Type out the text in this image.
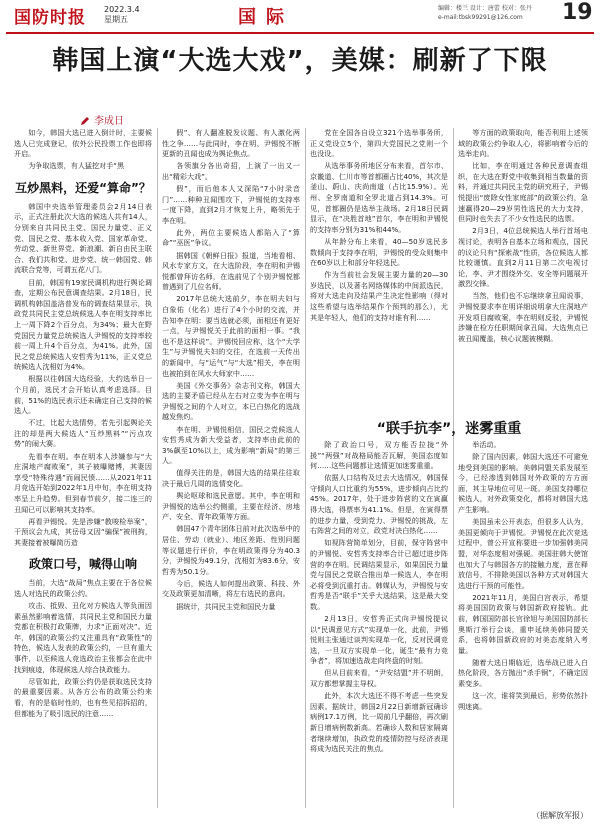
国防时报 2022.3.4
星期五	国际	编辑：楼兰 设计：唐蕾 校对：张丹
e-mail:tbsk99291@126.com	19
韩国上演“大选大戏”，美媒：刷新了下限
李成日

如今，韩国大选已进入倒计时，主要候选人已完成登记，依外公民投票工作也即将开启。

为争取选票，有人猛挖对手“黑

互炒黑料，还爱“算命”？

韩国中央选举管理委员会2月14日表示，正式注册此次大选的候选人共有14人，分别来自共同民主党、国民力量党、正义党、国民之党、基本收入党、国家革命党、劳动党、新世界党、新浪潮、新自由民主联合、我们共和党、进步党、统一韩国党、韩流联合党等，可谓五花八门。

目前，韩国有19家民调机构进行舆论调查，定期公布民意调查结果。2月18日，民调机构韩国盖洛普发布的调查结果显示，执政党共同民主党总统候选人李在明支持率比上一周下降2个百分点，为34%；最大在野党国民力量党总统候选人尹锡悦的支持率较前一周上升4个百分点，为41%。此外，国民之党总统候选人安哲秀为11%，正义党总统候选人沈相奵为4%。

根据以往韩国大选经验，大约选举日一个月前，选民才会开始认真考虑选择。目前，51%的选民表示还未确定自己支持的候选人。

不过，比起大选情势，若先引起舆论关注的却是两大候选人“互炒黑料”“污点攻势”的闹大赛。

先看李在明。李在明本人涉嫌参与“大庄洞地产腐败案”，其子被曝赌博，其妻因享受“特殊待遇”而闹民愤……从2021年11月竞选开始到2022年1月中旬，李在明支持率呈上升趋势。但到春节前夕，接二连三的丑闻已可以影响其支持率。

再看尹锡悦。先是涉嫌“教唆检举案”，干预议会九成，其岳母又因“骗保”被刑拘，其妻接着被曝简历造

政策口号，喊得山响

当前，大选“战局”焦点主要在于各位候选人对选民的政策公约。

攻击、抵毁、丑化对方候选人等负面因素虽然影响着选情，共同民主党和国民力量党都在积极打政策牌，力求“正面对决”。近年，韩国的政策公约又注重具有“政策性”的特色，候选人发表的政策公约，一旦有重大事件，以至候选人竞选政治主张都会在此中找到痕迹，体现候选人综合执政能力。

尽管如此，政策公约仍是获取选民支持的最重要因素。从各方公布的政策公约来看，有的是临时性的，也有些见招拆招的，但都能为了吸引选民的注意……

假”、有人翻准脱发议题、有人激化两性之争……与此同时，李在明、尹锡悦不断更新的丑闻也成为舆论焦点。

各领旗分各出奇招，上演了一出又一出“精彩大戏”。

假”，而后他本人又深陷“7小时录音门”……种种丑闻围攻下，尹锡悦的支持率一度下降，直到2月才恢复上升，略领先于李在明。

此外，两位主要候选人都陷入了“算命”“巫医”争议。

据韩国《朝鲜日报》报道，当地看相、风水专家方文，在大选阶段，李在明和尹锡悦都曾拜访名师，在选前见了个别尹锡悦都曾遇到了几位名师。

2017年总统大选前夕，李在明夫妇与白象佑（化名）进行了4个小时的交流，并告知李在明：要当选就必须，面相还有更好一点，与尹锡悦关于此前的面相一事。“我也不是这样说”。尹锡悦回应称，这个“大学生”与尹锡悦夫妇的交往，在选前一天传出的新闻中，与“运气”与“大选”相关，李在明也被拍到在风水大师家中……

美国《外交事务》杂志刊文称，韩国大选的主要矛盾已经从左右对立变为李在明与尹锡悦之间的个人对立，本已白热化的选战越发焦灼。

李在明、尹锡悦相信，国民之党候选人安哲秀成为新大受益者，支持率由此前的3%飙至10%以上，成为影响“新局”的第三人。

值得关注的是，韩国大选的结果往往取决于最后几周的选情变化。

舆论呕球和选民意愿。其中，李在明和尹锡悦的选举公约侧重，主要在经济、房地产、安全、青年政策等方面。

韩国47个青年团体日前对此次选举中的居住、劳动（就业）、地区差距、性别问题等议题进行评价，李在明政策得分为40.3分，尹锡悦为49.1分，沈相奵为83.6分，安哲秀为50.1分。

今后，候选人如何提出政策、科技、外交及政策更加清晰，将左右选民的意向。

据统计，共同民主党和国民力量

党在全国各自设立321个选举事务所，正义党设立5个，第四大党国民之党则一个也没设。

从选举事务所地区分布来看，首尔市、京畿道、仁川市等首都圈占比40%，其次是釜山、蔚山、庆尚南道（占比15.9%）。光州、全罗南道和全罗北道占到14.3%。可见，首都圈仍是选举主战场。2月18日民调显示，在“决胜首地”首尔，李在明和尹锡悦的支持率分别为31%和44%。

从年龄分布上来看，40—50岁选民多数倾向于支持李在明，尹锡悦的受众则集中在60岁以上和部分年轻选民。

作为当前社会发展主要力量的20—30岁选民，以及著名网络媒体的中间派选民，将对大选走向及结果产生决定性影响（得对这些希望与选举结果作个预判的那么），尤其是年轻人，他们的支持对谁有利……

等方面的政策取向，能否利用上述领域的政策公约争取人心，将影响着今后的选举走向。

比如，李在明通过各种民意调查组织，在大选在野党中收集到相当数量的资料，并通过共同民主党的研究班子，尹锡悦提出“废除女性家庭部”的政策公约，急速赢得20—29岁男性选民的大力支持，但同时也失去了不少女性选民的选票。

2月3日，4位总统候选人举行首场电视讨论，表明各自基本立场和观点，国民的议论只有“探索战”性质，各位候选人都比较谨慎。直到2月11日第二次电视讨论，李、尹才围绕外交、安全等问题展开激烈交锋。

当然，他们也不忘继续拿丑闻说事，尹锡悦要求李在明详细说明拿大庄洞地产开发项目腐败案，李在明则反驳，尹锡悦涉嫌在检方任职期间拿丑闻。大选焦点已被丑闻覆盖，核心议题被模糊。

“联手抗李”，迷雾重重

除了政治口号，双方能否拉拢“外援”“两强”对战格局能否瓦解，美国态度如何……这些问题都让选情更加迷雾重重。

依据人口结构及过去大选情况，韩国保守倾向人口比重约为55%，进步倾向占比约45%。2017年，处于进步阵营的文在寅赢得大选，得票率为41.1%。但是，在寅得票的进步力量，受到党力、尹锡悦的挑战，左右阵营之间的对立，政党对决白热化……

如视阵营简单划分，目前，保守阵营中的尹锡悦、安哲秀支持率合计已超过进步阵营的李在明。民调结果显示，如果国民力量党与国民之党联合推出单一候选人，李在明必将受到沉重打击。韩媒认为，尹锡悦与安哲秀是否“联手”关乎大选结果，这是最大变数。

2月13日，安哲秀正式向尹锡悦提议以“民调意见方式”实现单一化，此前，尹锡悦则主张通过谈判实现单一化，反对民调竞选，一旦双方实现单一化，诞生“最有力竞争者”，将加速选战走向终盘的时刻。

但从目前来看，“尹安结盟”并不明朗，双方都想掌握主导权。

此外，本次大选还不得不考虑一些突发因素。据统计，韩国2月22日新增新冠确诊病例17.1万例，比一周前几乎翻倍，再次刷新日增病例数新高。若确诊人数和居家隔离者继续增加，执政党的疫情防控与经济表现将成为选民关注的焦点。

举活动。

除了国内因素，韩国大选还不可避免地受到美国的影响。美韩同盟关系发展至今，已经渗透到韩国对外政策的方方面面，其主导地位可见一斑。美国支持哪位候选人，对外政策变化，都将对韩国大选产生影响。

美国虽未公开表态，但很多人认为，美国更倾向于尹锡悦。尹锡悦在此次竞选过程中，曾公开宣称要进一步加强韩美同盟，对华态度相对强硬。美国驻韩大使馆也加大了与韩国各方的接触力度，意在释放信号，不排除美国以各种方式对韩国大选进行干预的可能性。

2021年11月，美国白宫表示，希望将美国国防政策与韩国新政府接轨。此前，韩国国防部长官徐旭与美国国防部长奥斯汀举行会谈，重申延续美韩同盟关系，也将韩国新政府的对美态度纳入考量。

随着大选日期临近，选举战已进入白热化阶段，各方抛出“杀手锏”，不确定因素变多。

这一次，谁将笑到最后，形势依然扑朔迷离。

（据解放军报）
